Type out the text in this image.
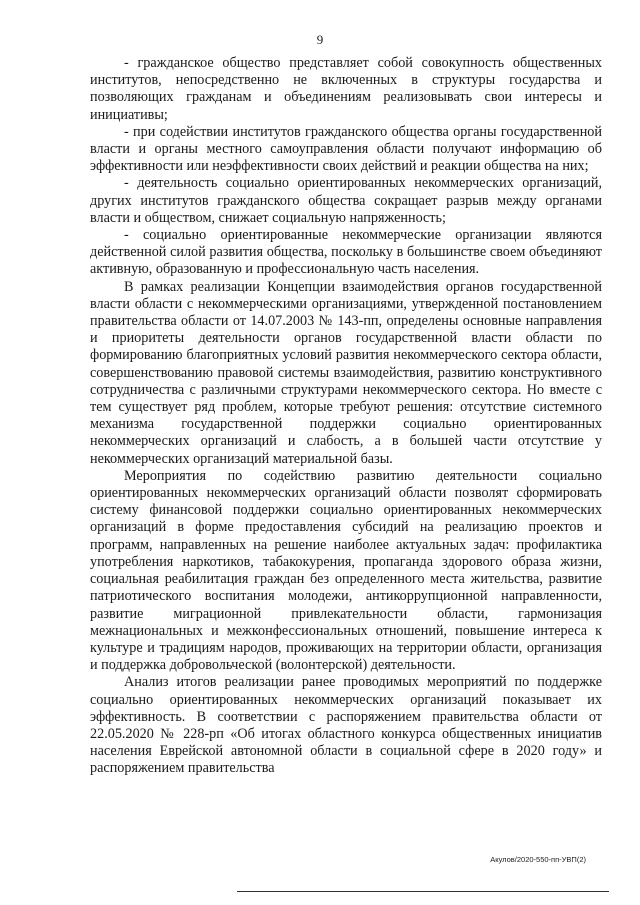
9

- гражданское общество представляет собой совокупность общественных институтов, непосредственно не включенных в структуры государства и позволяющих гражданам и объединениям реализовывать свои интересы и инициативы;

- при содействии институтов гражданского общества органы государственной власти и органы местного самоуправления области получают информацию об эффективности или неэффективности своих действий и реакции общества на них;

- деятельность социально ориентированных некоммерческих организаций, других институтов гражданского общества сокращает разрыв между органами власти и обществом, снижает социальную напряженность;

- социально ориентированные некоммерческие организации являются действенной силой развития общества, поскольку в большинстве своем объединяют активную, образованную и профессиональную часть населения.

В рамках реализации Концепции взаимодействия органов государственной власти области с некоммерческими организациями, утвержденной постановлением правительства области от 14.07.2003 № 143-пп, определены основные направления и приоритеты деятельности органов государственной власти области по формированию благоприятных условий развития некоммерческого сектора области, совершенствованию правовой системы взаимодействия, развитию конструктивного сотрудничества с различными структурами некоммерческого сектора. Но вместе с тем существует ряд проблем, которые требуют решения: отсутствие системного механизма государственной поддержки социально ориентированных некоммерческих организаций и слабость, а в большей части отсутствие у некоммерческих организаций материальной базы.

Мероприятия по содействию развитию деятельности социально ориентированных некоммерческих организаций области позволят сформировать систему финансовой поддержки социально ориентированных некоммерческих организаций в форме предоставления субсидий на реализацию проектов и программ, направленных на решение наиболее актуальных задач: профилактика употребления наркотиков, табакокурения, пропаганда здорового образа жизни, социальная реабилитация граждан без определенного места жительства, развитие патриотического воспитания молодежи, антикоррупционной направленности, развитие миграционной привлекательности области, гармонизация межнациональных и межконфессиональных отношений, повышение интереса к культуре и традициям народов, проживающих на территории области, организация и поддержка добровольческой (волонтерской) деятельности.

Анализ итогов реализации ранее проводимых мероприятий по поддержке социально ориентированных некоммерческих организаций показывает их эффективность. В соответствии с распоряжением правительства области от 22.05.2020 № 228-рп «Об итогах областного конкурса общественных инициатив населения Еврейской автономной области в социальной сфере в 2020 году» и распоряжением правительства

Акулов/2020-550-пп-УВП(2)
